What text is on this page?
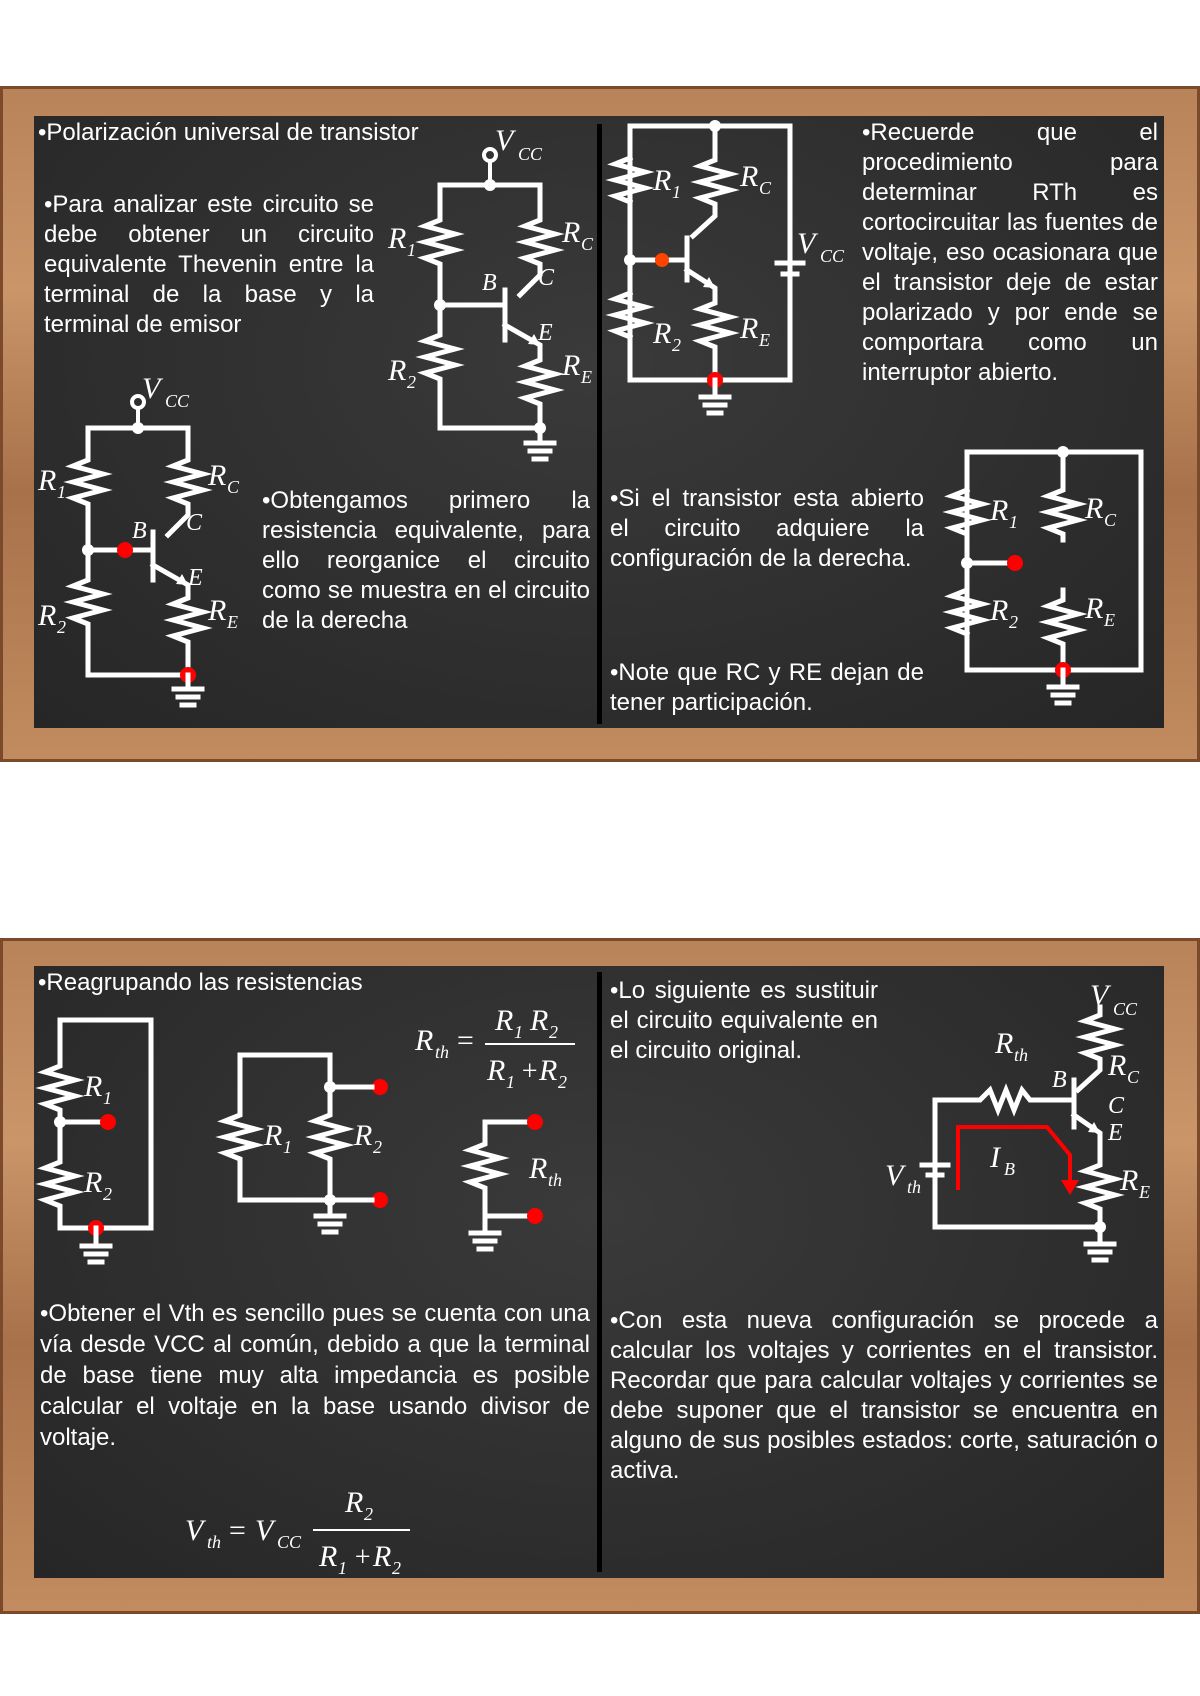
•Polarización universal de transistor
•Para analizar este circuito se debe obtener un circuito equivalente Thevenin entre la terminal de la base y la terminal de emisor
•Obtengamos primero la resistencia equivalente, para ello reorganice el circuito como se muestra en el circuito de la derecha
•Recuerde que el procedimiento para determinar RTh es cortocircuitar las fuentes de voltaje, eso ocasionara que el transistor deje de estar polarizado y por ende se comportara como un interruptor abierto.
•Si el transistor esta abierto el circuito adquiere la configuración de la derecha.
•Note que RC y RE dejan de tener participación.
V CC
R 1
R C
B C
E
R 2	R E
V CC
R 1	R C
B C
E
R 2	R E
R 1 R C
V CC
R 2 R E
R 1 R C
R 2 R E
•Reagrupando las resistencias
•Obtener el Vth es sencillo pues se cuenta con una vía desde VCC al común, debido a que la terminal de base tiene muy alta impedancia es posible calcular el voltaje en la base usando divisor de voltaje.
•Lo siguiente es sustituir el circuito equivalente en el circuito original.
•Con esta nueva configuración se procede a calcular los voltajes y corrientes en el transistor. Recordar que para calcular voltajes y corrientes se debe suponer que el transistor se encuentra en alguno de sus posibles estados: corte, saturación o activa.
R th =
R 1 R 2
R 1 + R 2
R 1
R 2
R 1 R 2
R th
V th = V CC
R 2
R 1 + R 2
V CC
R th
B R C
C
E
I B
V th	R E
